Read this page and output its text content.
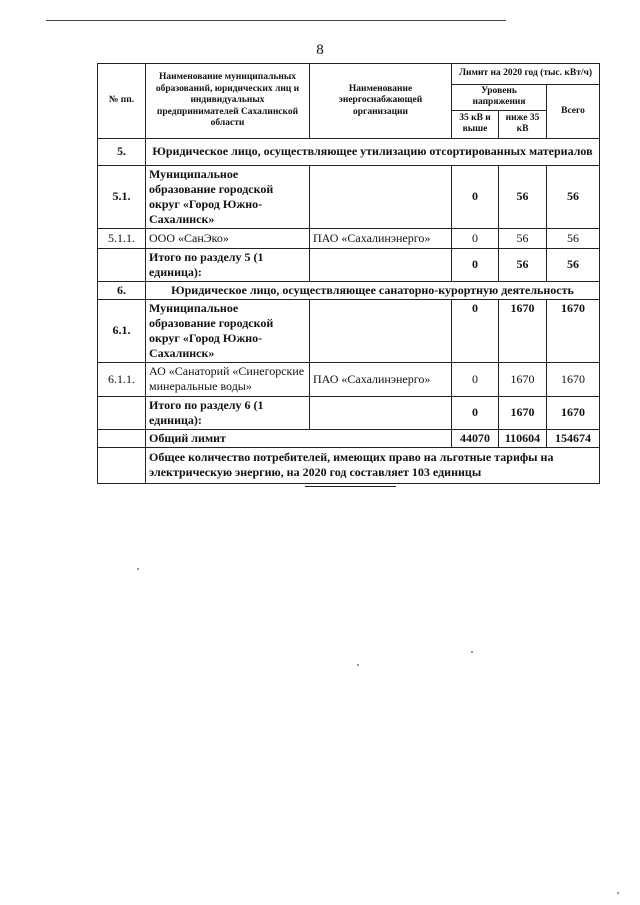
8
№ пп.	Наименование муниципальных образований, юридических лиц и индивидуальных предпринимателей Сахалинской области	Наименование энергоснабжающей организации	Лимит на 2020 год (тыс. кВт/ч)		
			Уровень напряжения		Всего
			35 кВ и выше	ниже 35 кВ	
5.	Юридическое лицо, осуществляющее утилизацию отсортированных материалов				
5.1.	Муниципальное образование городской округ «Город Южно-Сахалинск»		0	56	56
5.1.1.	ООО «СанЭко»	ПАО «Сахалинэнерго»	0	56	56
	Итого по разделу 5 (1 единица):		0	56	56
6.	Юридическое лицо, осуществляющее санаторно-курортную деятельность				
6.1.	Муниципальное образование городской округ «Город Южно-Сахалинск»		0	1670	1670
6.1.1.	АО «Санаторий «Синегорские минеральные воды»	ПАО «Сахалинэнерго»	0	1670	1670
	Итого по разделу 6 (1 единица):		0	1670	1670
	Общий лимит		44070	110604	154674
	Общее количество потребителей, имеющих право на льготные тарифы на электрическую энергию, на 2020 год составляет 103 единицы				
